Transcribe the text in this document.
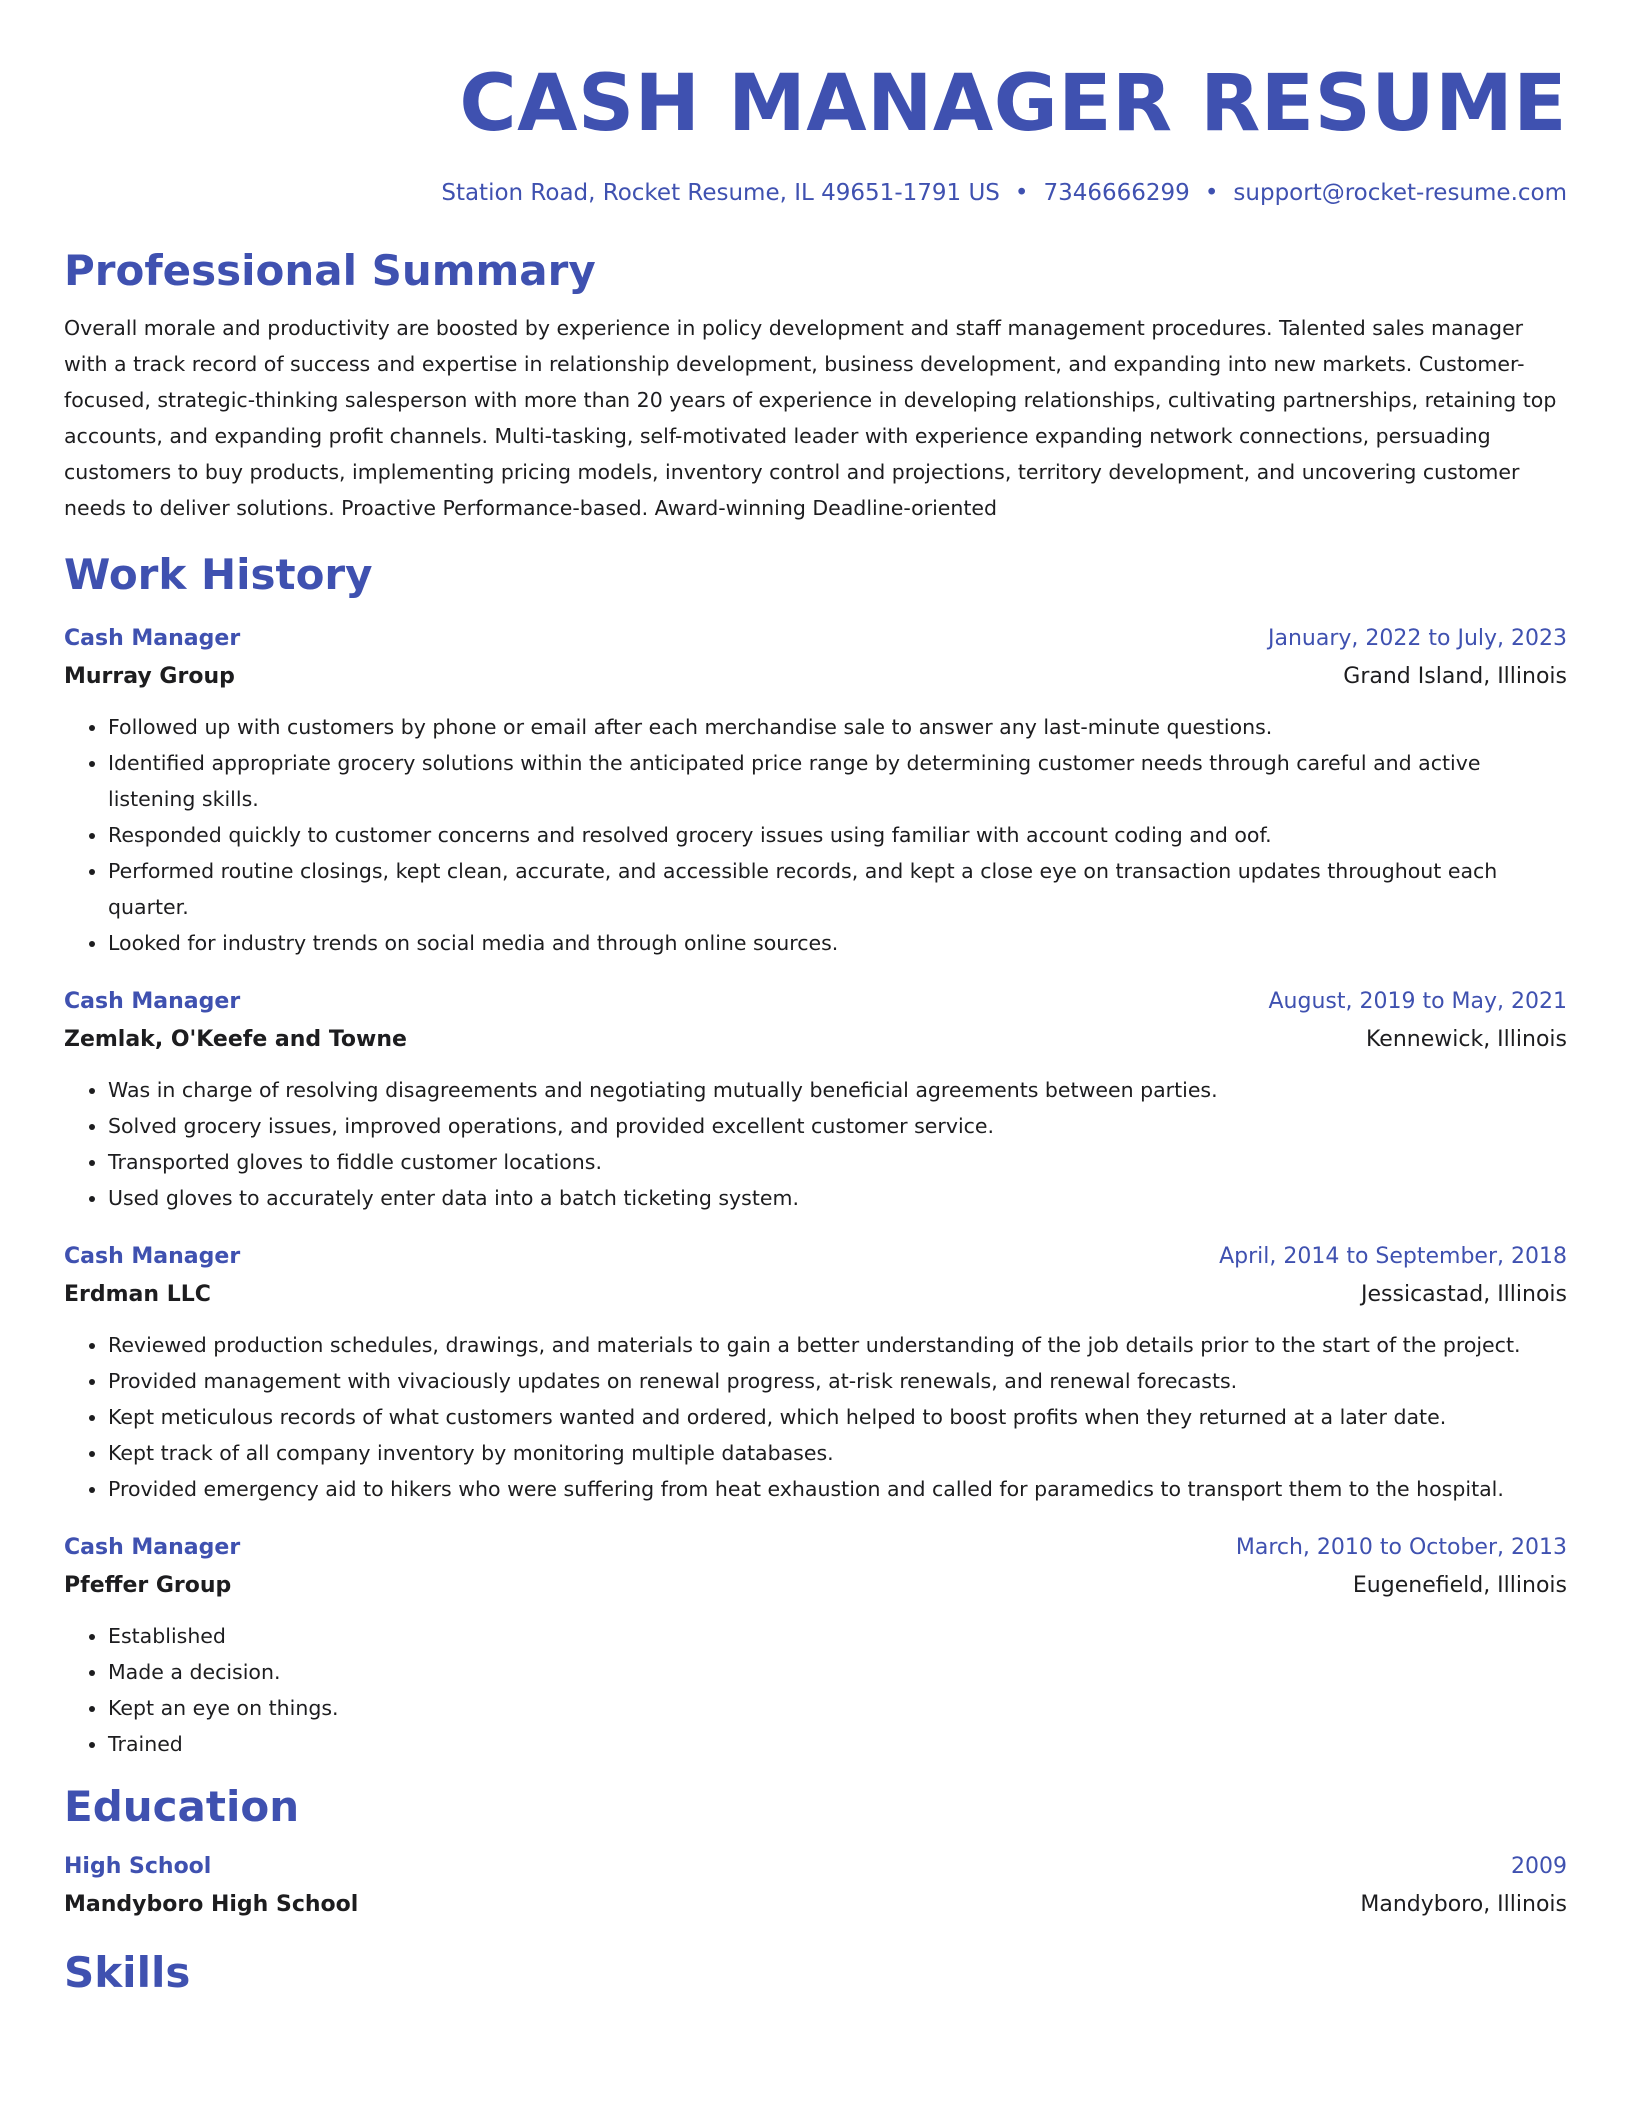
CASH MANAGER RESUME
Station Road, Rocket Resume, IL 49651-1791 US • 7346666299 • support@rocket-resume.com
Professional Summary
Overall morale and productivity are boosted by experience in policy development and staff management procedures. Talented sales manager with a track record of success and expertise in relationship development, business development, and expanding into new markets. Customer-focused, strategic-thinking salesperson with more than 20 years of experience in developing relationships, cultivating partnerships, retaining top accounts, and expanding profit channels. Multi-tasking, self-motivated leader with experience expanding network connections, persuading customers to buy products, implementing pricing models, inventory control and projections, territory development, and uncovering customer needs to deliver solutions. Proactive Performance-based. Award-winning Deadline-oriented
Work History
Cash Manager	January, 2022 to July, 2023
Murray Group	Grand Island, Illinois
• Followed up with customers by phone or email after each merchandise sale to answer any last-minute questions.
• Identified appropriate grocery solutions within the anticipated price range by determining customer needs through careful and active listening skills.
• Responded quickly to customer concerns and resolved grocery issues using familiar with account coding and oof.
• Performed routine closings, kept clean, accurate, and accessible records, and kept a close eye on transaction updates throughout each quarter.
• Looked for industry trends on social media and through online sources.
Cash Manager	August, 2019 to May, 2021
Zemlak, O'Keefe and Towne	Kennewick, Illinois
• Was in charge of resolving disagreements and negotiating mutually beneficial agreements between parties.
• Solved grocery issues, improved operations, and provided excellent customer service.
• Transported gloves to fiddle customer locations.
• Used gloves to accurately enter data into a batch ticketing system.
Cash Manager	April, 2014 to September, 2018
Erdman LLC	Jessicastad, Illinois
• Reviewed production schedules, drawings, and materials to gain a better understanding of the job details prior to the start of the project.
• Provided management with vivaciously updates on renewal progress, at-risk renewals, and renewal forecasts.
• Kept meticulous records of what customers wanted and ordered, which helped to boost profits when they returned at a later date.
• Kept track of all company inventory by monitoring multiple databases.
• Provided emergency aid to hikers who were suffering from heat exhaustion and called for paramedics to transport them to the hospital.
Cash Manager	March, 2010 to October, 2013
Pfeffer Group	Eugenefield, Illinois
• Established
• Made a decision.
• Kept an eye on things.
• Trained
Education
High School	2009
Mandyboro High School	Mandyboro, Illinois
Skills
